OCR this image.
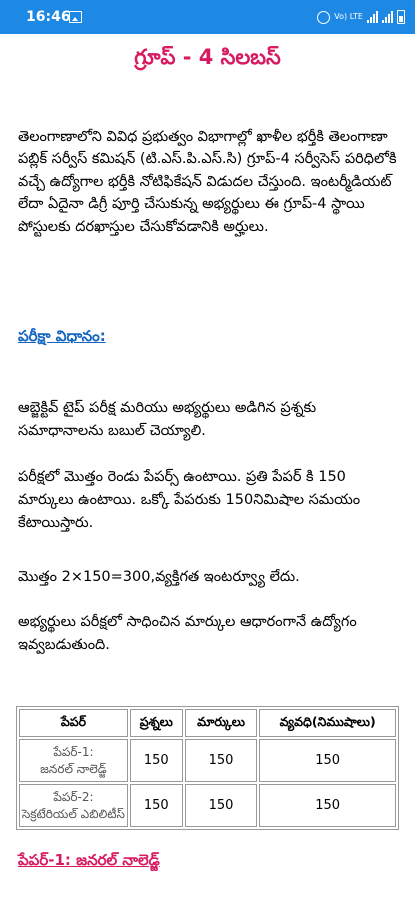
16:46	Vo) LTE
గ్రూప్ - 4 సిలబస్
తెలంగాణాలోని వివిధ ప్రభుత్వం విభాగాల్లో ఖాళీల భర్తీకి తెలంగాణా పబ్లిక్ సర్వీస్ కమిషన్ (టి.ఎస్.పి.ఎస్.సి) గ్రూప్-4 సర్వీసెస్ పరిధిలోకి వచ్చే ఉద్యోగాల భర్తీకి నోటిఫికేషన్ విడుదల చేస్తుంది. ఇంటర్మీడియట్ లేదా ఏదైనా డిగ్రీ పూర్తి చేసుకున్న అభ్యర్థులు ఈ గ్రూప్-4 స్థాయి పోస్టులకు దరఖాస్తుల చేసుకోవడానికి అర్హులు.
పరీక్షా విధానం:
ఆబ్జెక్టివ్ టైప్ పరీక్ష మరియు అభ్యర్థులు అడిగిన ప్రశ్నకు సమాధానాలను బబుల్ చెయ్యాలి.
పరీక్షలో మొత్తం రెండు పేపర్స్ ఉంటాయి. ప్రతి పేపర్ కి 150 మార్కులు ఉంటాయి. ఒక్కో పేపరుకు 150నిమిషాల సమయం కేటాయిస్తారు.
మొత్తం 2×150=300,వ్యక్తిగత ఇంటర్వ్యూ లేదు.
అభ్యర్థులు పరీక్షలో సాధించిన మార్కుల ఆధారంగానే ఉద్యోగం ఇవ్వబడుతుంది.
పేపర్	ప్రశ్నలు	మార్కులు	వ్యవధి(నిముషాలు)

పేపర్-1:
జనరల్ నాలెడ్జ్	150	150	150

పేపర్-2:
సెక్రటేరియల్ ఎబిలిటీస్	150	150	150
పేపర్-1: జనరల్ నాలెడ్జ్
